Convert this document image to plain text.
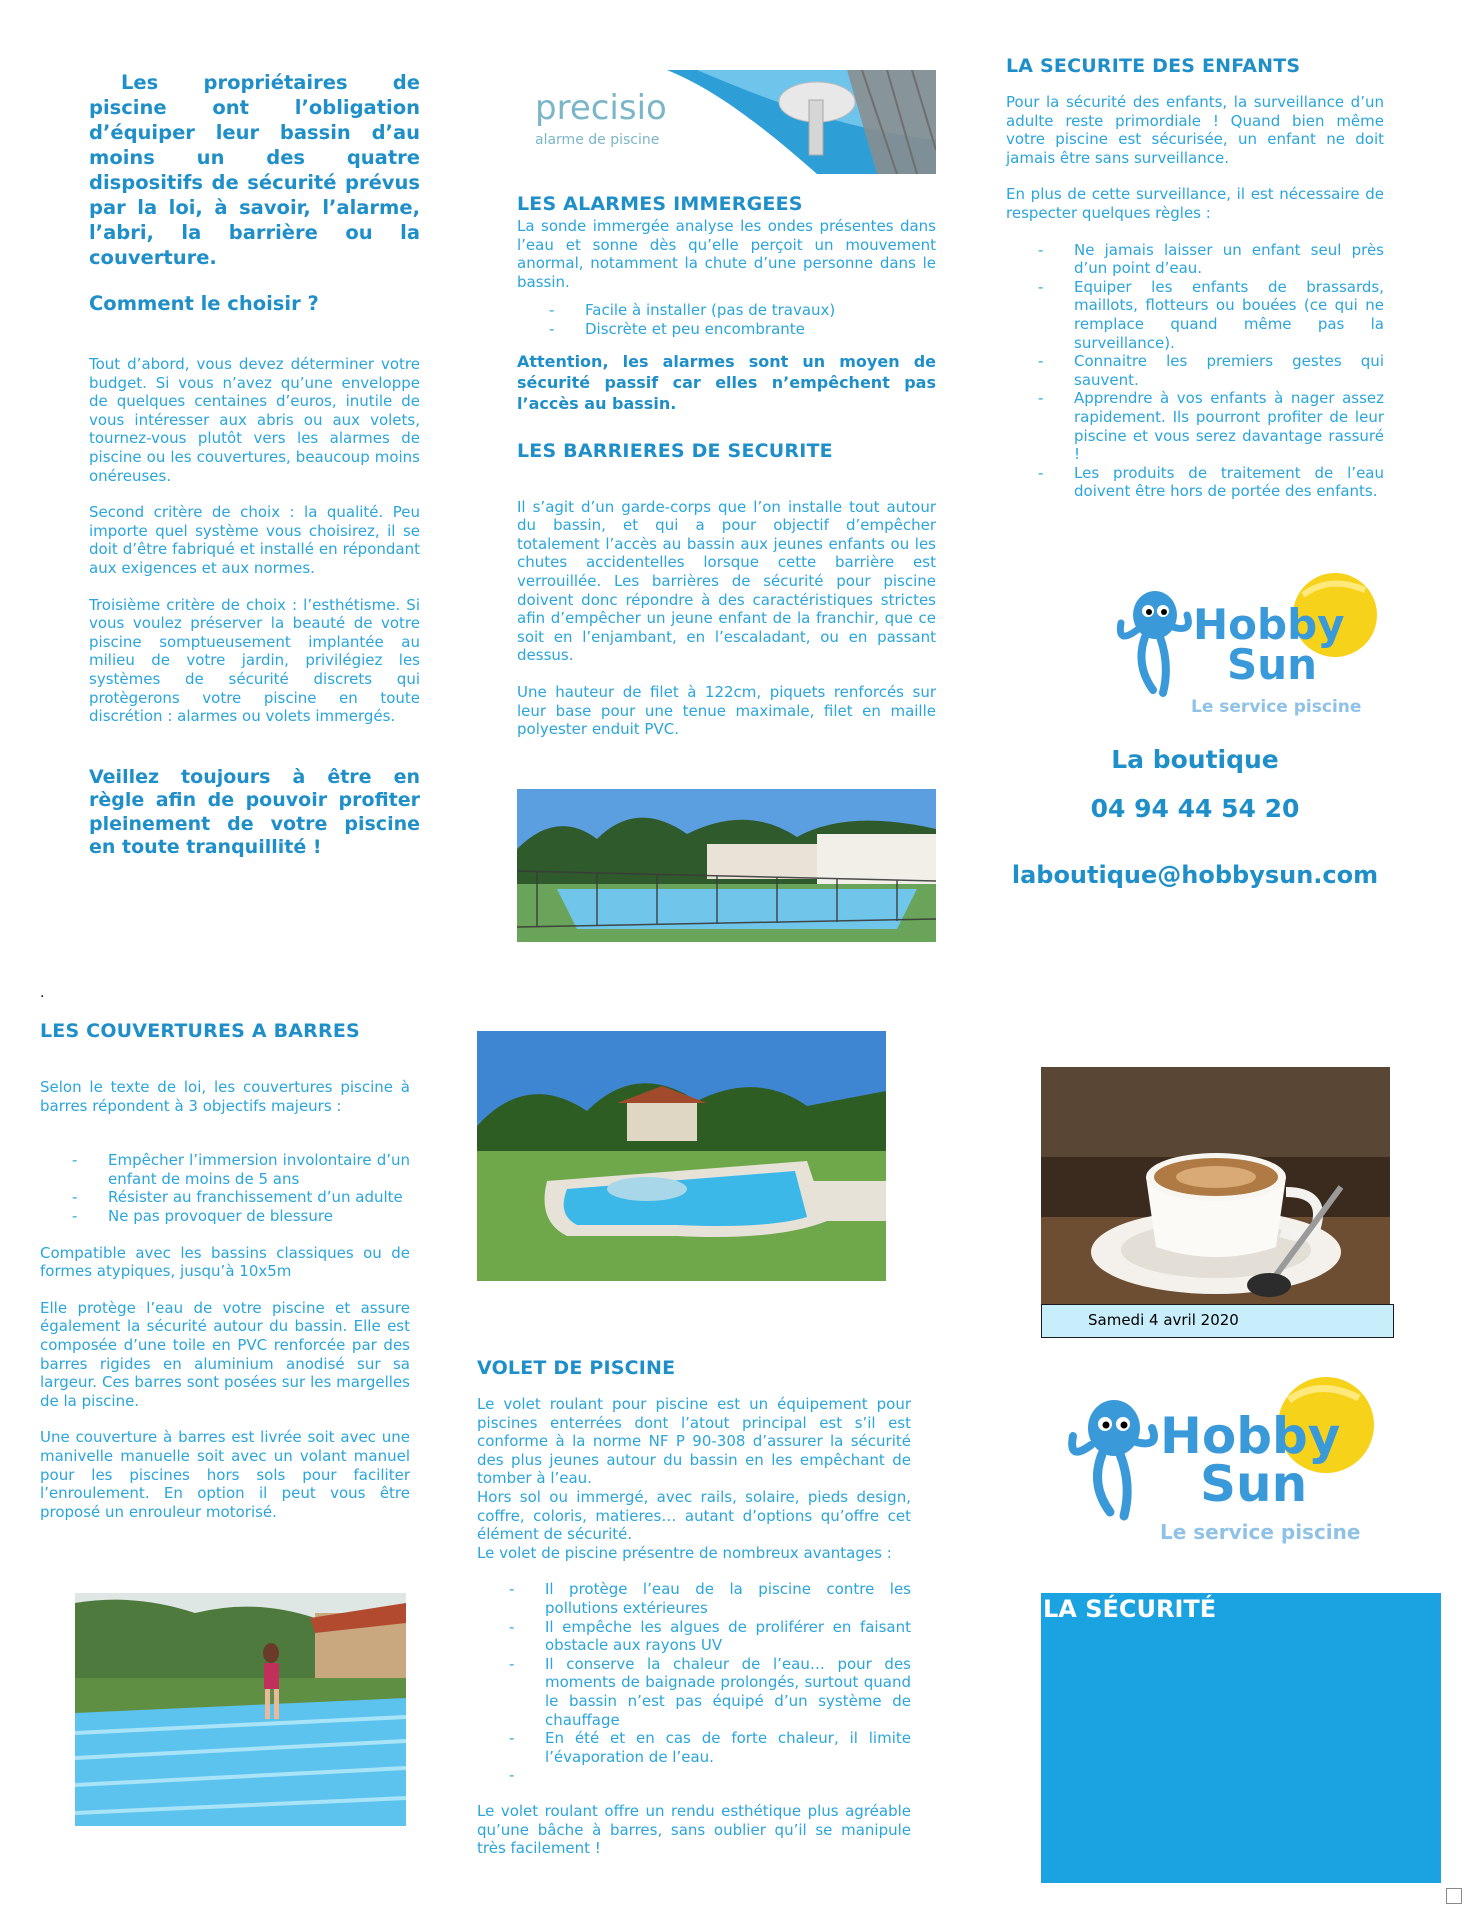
Les propriétaires de piscine ont l’obligation d’équiper leur bassin d’au moins un des quatre dispositifs de sécurité prévus par la loi, à savoir, l’alarme, l’abri, la barrière ou la couverture.
Comment le choisir ?

Tout d’abord, vous devez déterminer votre budget. Si vous n’avez qu’une enveloppe de quelques centaines d’euros, inutile de vous intéresser aux abris ou aux volets, tournez-vous plutôt vers les alarmes de piscine ou les couvertures, beaucoup moins onéreuses.

Second critère de choix : la qualité. Peu importe quel système vous choisirez, il se doit d’être fabriqué et installé en répondant aux exigences et aux normes.

Troisième critère de choix : l’esthétisme. Si vous voulez préserver la beauté de votre piscine somptueusement implantée au milieu de votre jardin, privilégiez les systèmes de sécurité discrets qui protègerons votre piscine en toute discrétion : alarmes ou volets immergés.

Veillez toujours à être en règle afin de pouvoir profiter pleinement de votre piscine en toute tranquillité !
precisio
alarme de piscine
LES ALARMES IMMERGEES

La sonde immergée analyse les ondes présentes dans l’eau et sonne dès qu’elle perçoit un mouvement anormal, notamment la chute d’une personne dans le bassin.

- Facile à installer (pas de travaux)
- Discrète et peu encombrante
Attention, les alarmes sont un moyen de sécurité passif car elles n’empêchent pas l’accès au bassin.
LES BARRIERES DE SECURITE

Il s’agit d’un garde-corps que l’on installe tout autour du bassin, et qui a pour objectif d’empêcher totalement l’accès au bassin aux jeunes enfants ou les chutes accidentelles lorsque cette barrière est verrouillée. Les barrières de sécurité pour piscine doivent donc répondre à des caractéristiques strictes afin d’empêcher un jeune enfant de la franchir, que ce soit en l’enjambant, en l’escaladant, ou en passant dessus.

Une hauteur de filet à 122cm, piquets renforcés sur leur base pour une tenue maximale, filet en maille polyester enduit PVC.

LA SECURITE DES ENFANTS

Pour la sécurité des enfants, la surveillance d’un adulte reste primordiale ! Quand bien même votre piscine est sécurisée, un enfant ne doit jamais être sans surveillance.

En plus de cette surveillance, il est nécessaire de respecter quelques règles :

- Ne jamais laisser un enfant seul près d’un point d’eau.
- Equiper les enfants de brassards, maillots, flotteurs ou bouées (ce qui ne remplace quand même pas la surveillance).
- Connaitre les premiers gestes qui sauvent.
- Apprendre à vos enfants à nager assez rapidement. Ils pourront profiter de leur piscine et vous serez davantage rassuré !
- Les produits de traitement de l’eau doivent être hors de portée des enfants.
Hobby
Sun
Le service piscine
La boutique
04 94 44 54 20
laboutique@hobbysun.com
.
LES COUVERTURES A BARRES

Selon le texte de loi, les couvertures piscine à barres répondent à 3 objectifs majeurs :

- Empêcher l’immersion involontaire d’un enfant de moins de 5 ans
- Résister au franchissement d’un adulte
- Ne pas provoquer de blessure

Compatible avec les bassins classiques ou de formes atypiques, jusqu’à 10x5m

Elle protège l’eau de votre piscine et assure également la sécurité autour du bassin. Elle est composée d’une toile en PVC renforcée par des barres rigides en aluminium anodisé sur sa largeur. Ces barres sont posées sur les margelles de la piscine.

Une couverture à barres est livrée soit avec une manivelle manuelle soit avec un volant manuel pour les piscines hors sols pour faciliter l’enroulement. En option il peut vous être proposé un enrouleur motorisé.

VOLET DE PISCINE

Le volet roulant pour piscine est un équipement pour piscines enterrées dont l’atout principal est s’il est conforme à la norme NF P 90-308 d’assurer la sécurité des plus jeunes autour du bassin en les empêchant de tomber à l’eau.

Hors sol ou immergé, avec rails, solaire, pieds design, coffre, coloris, matieres… autant d’options qu’offre cet élément de sécurité.

Le volet de piscine présentre de nombreux avantages :

- Il protège l’eau de la piscine contre les pollutions extérieures
- Il empêche les algues de proliférer en faisant obstacle aux rayons UV
- Il conserve la chaleur de l’eau… pour des moments de baignade prolongés, surtout quand le bassin n’est pas équipé d’un système de chauffage
- En été et en cas de forte chaleur, il limite l’évaporation de l’eau.
-

Le volet roulant offre un rendu esthétique plus agréable qu’une bâche à barres, sans oublier qu’il se manipule très facilement !

Samedi 4 avril 2020
Hobby
Sun
Le service piscine
LA SÉCURITÉ
